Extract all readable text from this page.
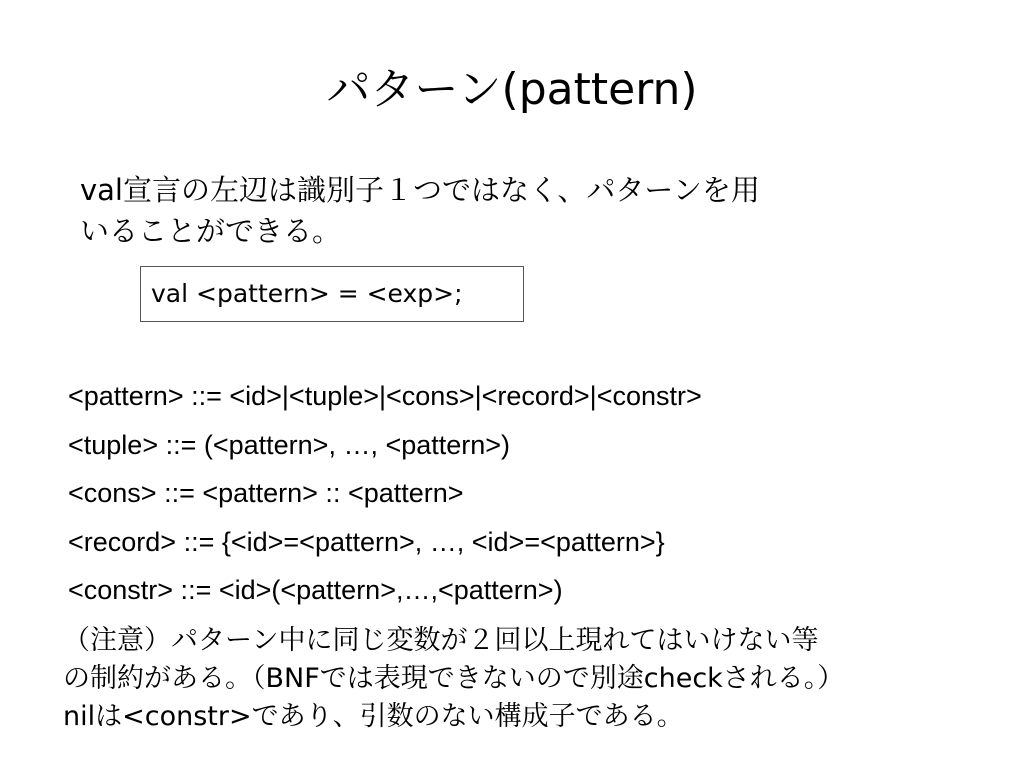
パターン(pattern)
val宣言の左辺は識別子１つではなく、パターンを用
いることができる。
val <pattern> = <exp>;
<pattern> ::= <id>|<tuple>|<cons>|<record>|<constr>
<tuple> ::= (<pattern>, …, <pattern>)
<cons> ::= <pattern> :: <pattern>
<record> ::= {<id>=<pattern>, …, <id>=<pattern>}
<constr> ::= <id>(<pattern>,…,<pattern>)
（注意）パターン中に同じ変数が２回以上現れてはいけない等
の制約がある。（BNFでは表現できないので別途checkされる。）
nilは<constr>であり、引数のない構成子である。
